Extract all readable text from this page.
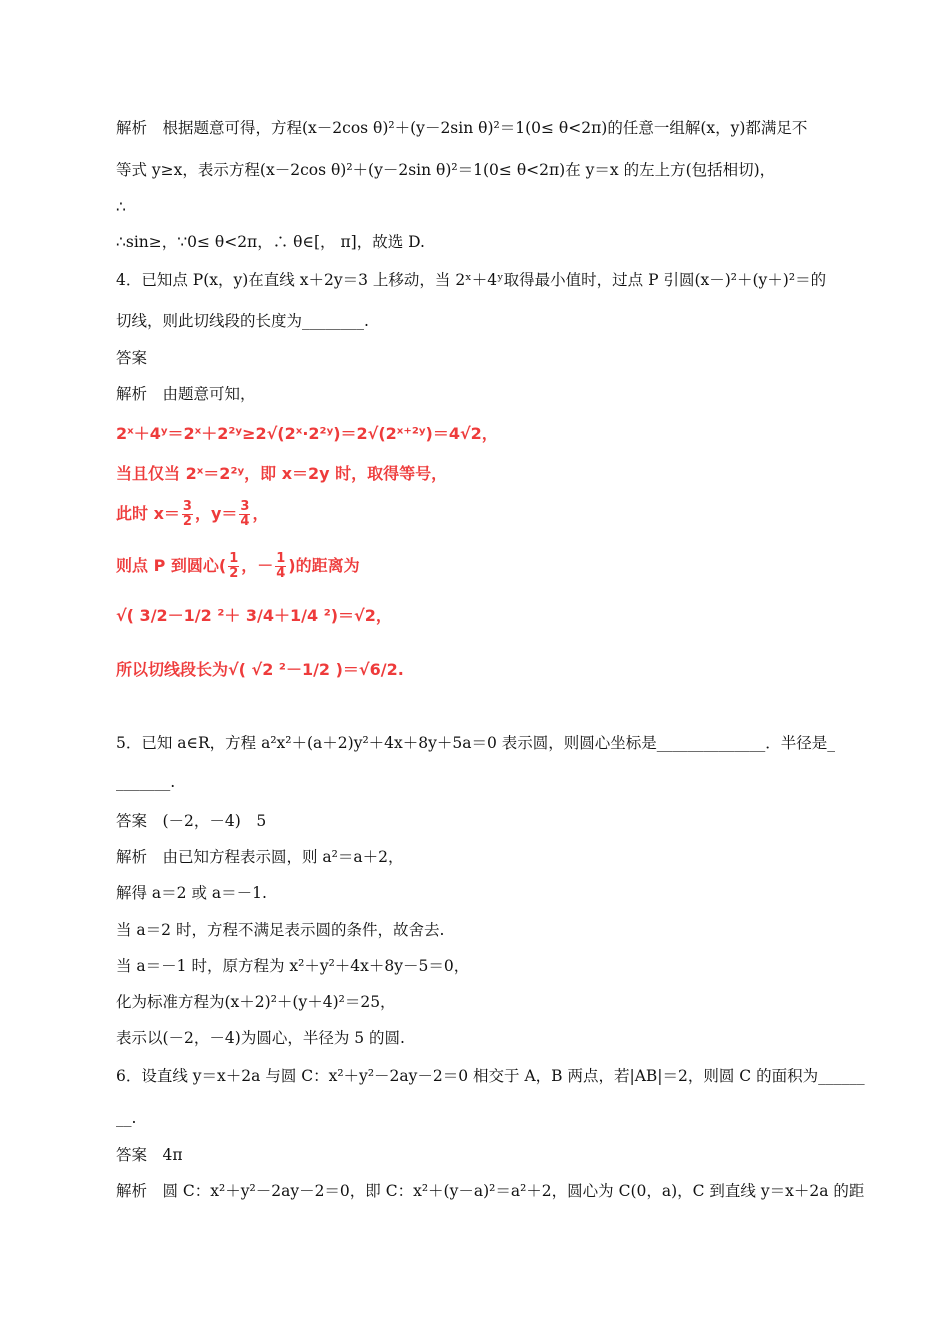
解析　根据题意可得，方程(x－2cos θ)²＋(y－2sin θ)²＝1(0≤ θ<2π)的任意一组解(x，y)都满足不
等式 y≥x，表示方程(x－2cos θ)²＋(y－2sin θ)²＝1(0≤ θ<2π)在 y＝x 的左上方(包括相切)，
∴
∴sin≥，∵0≤ θ<2π，∴ θ∈[， π]，故选 D.
4．已知点 P(x，y)在直线 x＋2y＝3 上移动，当 2ˣ＋4ʸ取得最小值时，过点 P 引圆(x－)²＋(y＋)²＝的
切线，则此切线段的长度为________.
答案
解析　由题意可知，
2ˣ＋4ʸ＝2ˣ＋2²ʸ≥2√(2ˣ·2²ʸ)＝2√(2ˣ⁺²ʸ)＝4√2，
当且仅当 2ˣ＝2²ʸ，即 x＝2y 时，取得等号，
此时 $x= \frac{3}{2}$ ，$y= \frac{3}{4}$ ，
则点 P 到圆心( $\frac{1}{2}$ ，－ $\frac{1}{4}$ )的距离为
√( 3/2－1/2 ²＋ 3/4＋1/4 ²)＝√2，
所以切线段长为√( √2 ²－1/2 )＝√6/2.
5．已知 a∈R，方程 a²x²＋(a＋2)y²＋4x＋8y＋5a＝0 表示圆，则圆心坐标是______________．半径是_
_______.
答案　(－2，－4)　5
解析　由已知方程表示圆，则 a²＝a＋2，
解得 a＝2 或 a＝－1.
当 a＝2 时，方程不满足表示圆的条件，故舍去.
当 a＝－1 时，原方程为 x²＋y²＋4x＋8y－5＝0，
化为标准方程为(x＋2)²＋(y＋4)²＝25，
表示以(－2，－4)为圆心，半径为 5 的圆.
6．设直线 y＝x＋2a 与圆 C：x²＋y²－2ay－2＝0 相交于 A，B 两点，若|AB|＝2，则圆 C 的面积为______
__.
答案　4π
解析　圆 C：x²＋y²－2ay－2＝0，即 C：x²＋(y－a)²＝a²＋2，圆心为 C(0，a)，C 到直线 y＝x＋2a 的距
